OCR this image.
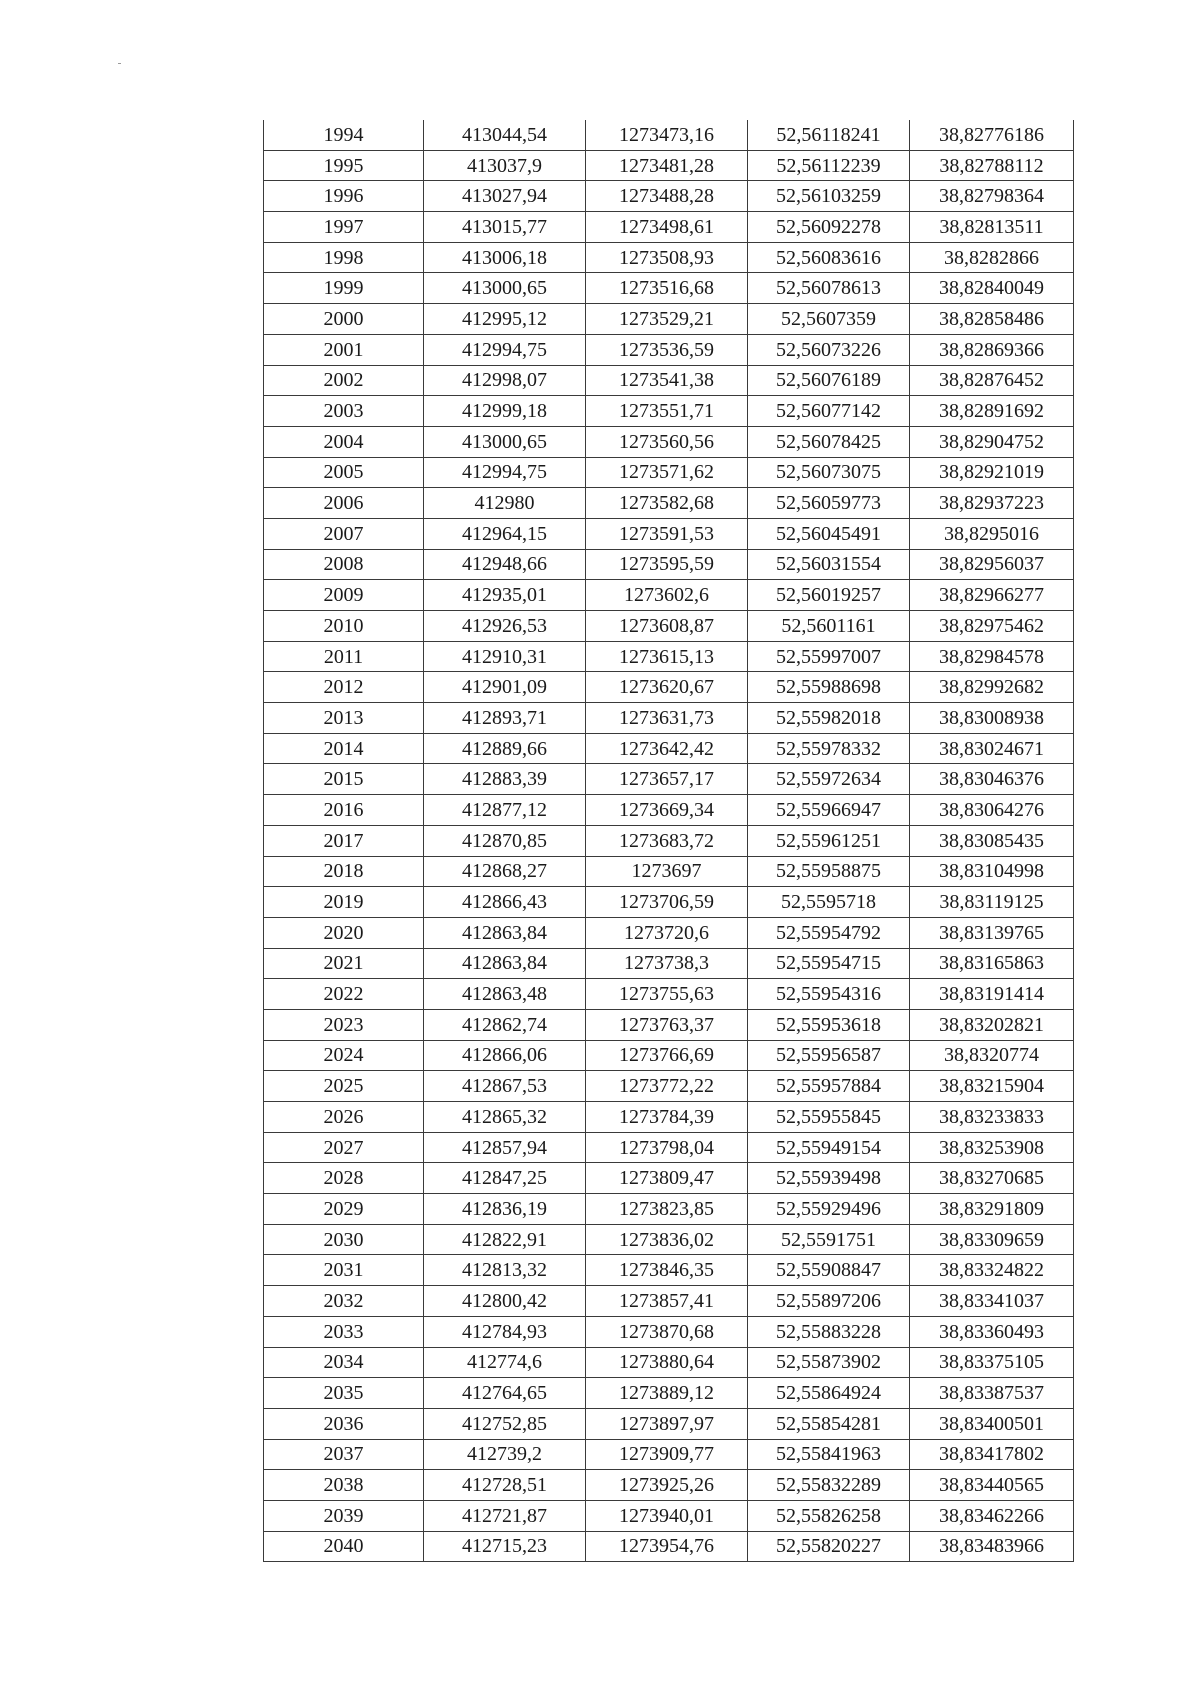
1994	413044,54	1273473,16	52,56118241	38,82776186
1995	413037,9	1273481,28	52,56112239	38,82788112
1996	413027,94	1273488,28	52,56103259	38,82798364
1997	413015,77	1273498,61	52,56092278	38,82813511
1998	413006,18	1273508,93	52,56083616	38,8282866
1999	413000,65	1273516,68	52,56078613	38,82840049
2000	412995,12	1273529,21	52,5607359	38,82858486
2001	412994,75	1273536,59	52,56073226	38,82869366
2002	412998,07	1273541,38	52,56076189	38,82876452
2003	412999,18	1273551,71	52,56077142	38,82891692
2004	413000,65	1273560,56	52,56078425	38,82904752
2005	412994,75	1273571,62	52,56073075	38,82921019
2006	412980	1273582,68	52,56059773	38,82937223
2007	412964,15	1273591,53	52,56045491	38,8295016
2008	412948,66	1273595,59	52,56031554	38,82956037
2009	412935,01	1273602,6	52,56019257	38,82966277
2010	412926,53	1273608,87	52,5601161	38,82975462
2011	412910,31	1273615,13	52,55997007	38,82984578
2012	412901,09	1273620,67	52,55988698	38,82992682
2013	412893,71	1273631,73	52,55982018	38,83008938
2014	412889,66	1273642,42	52,55978332	38,83024671
2015	412883,39	1273657,17	52,55972634	38,83046376
2016	412877,12	1273669,34	52,55966947	38,83064276
2017	412870,85	1273683,72	52,55961251	38,83085435
2018	412868,27	1273697	52,55958875	38,83104998
2019	412866,43	1273706,59	52,5595718	38,83119125
2020	412863,84	1273720,6	52,55954792	38,83139765
2021	412863,84	1273738,3	52,55954715	38,83165863
2022	412863,48	1273755,63	52,55954316	38,83191414
2023	412862,74	1273763,37	52,55953618	38,83202821
2024	412866,06	1273766,69	52,55956587	38,8320774
2025	412867,53	1273772,22	52,55957884	38,83215904
2026	412865,32	1273784,39	52,55955845	38,83233833
2027	412857,94	1273798,04	52,55949154	38,83253908
2028	412847,25	1273809,47	52,55939498	38,83270685
2029	412836,19	1273823,85	52,55929496	38,83291809
2030	412822,91	1273836,02	52,5591751	38,83309659
2031	412813,32	1273846,35	52,55908847	38,83324822
2032	412800,42	1273857,41	52,55897206	38,83341037
2033	412784,93	1273870,68	52,55883228	38,83360493
2034	412774,6	1273880,64	52,55873902	38,83375105
2035	412764,65	1273889,12	52,55864924	38,83387537
2036	412752,85	1273897,97	52,55854281	38,83400501
2037	412739,2	1273909,77	52,55841963	38,83417802
2038	412728,51	1273925,26	52,55832289	38,83440565
2039	412721,87	1273940,01	52,55826258	38,83462266
2040	412715,23	1273954,76	52,55820227	38,83483966
